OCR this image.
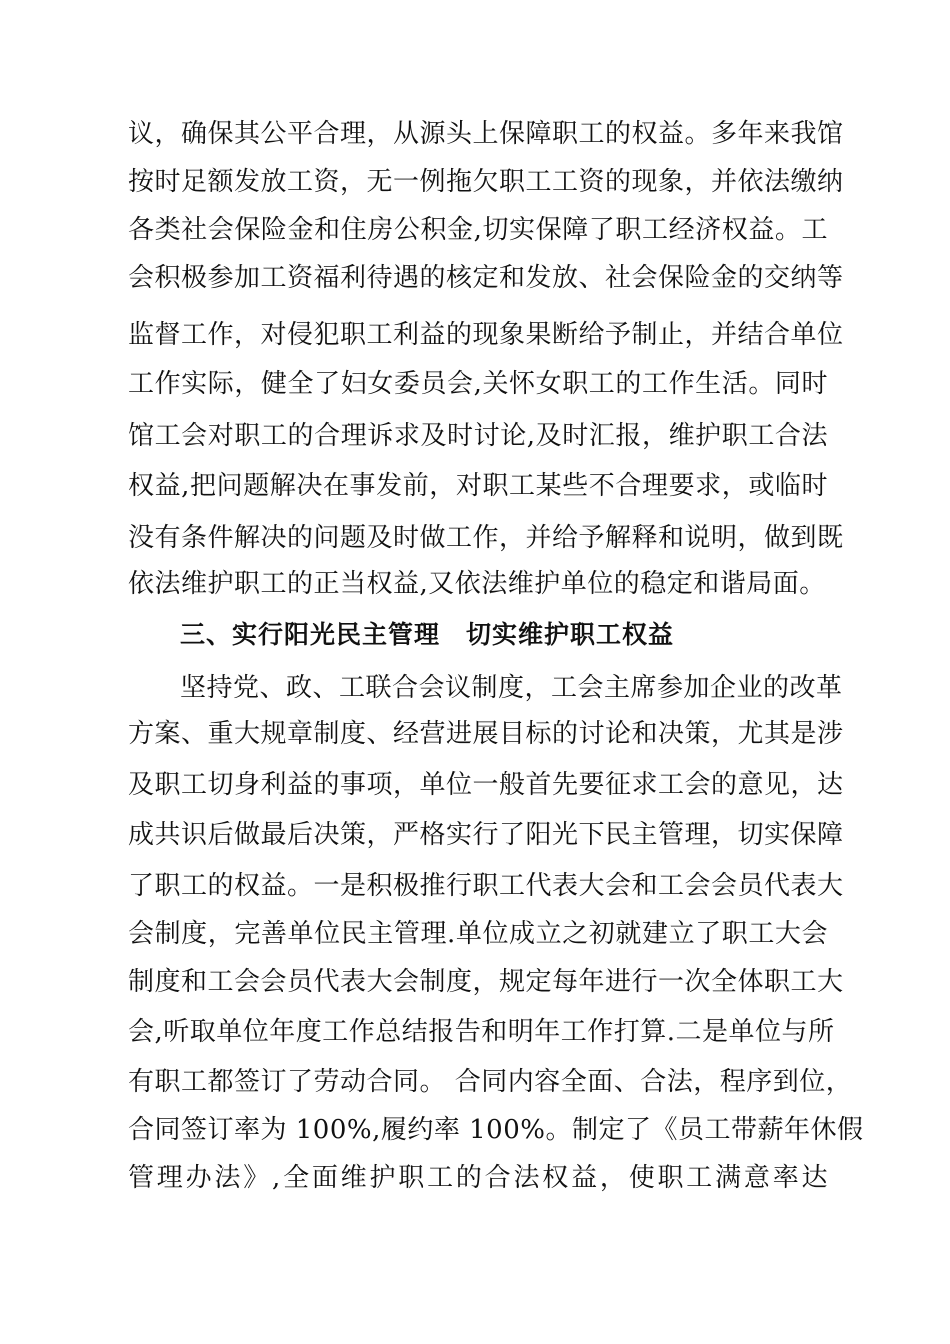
议，确保其公平合理，从源头上保障职工的权益。多年来我馆
按时足额发放工资，无一例拖欠职工工资的现象，并依法缴纳
各类社会保险金和住房公积金,切实保障了职工经济权益。工
会积极参加工资福利待遇的核定和发放、社会保险金的交纳等
监督工作，对侵犯职工利益的现象果断给予制止，并结合单位
工作实际，健全了妇女委员会,关怀女职工的工作生活。同时
馆工会对职工的合理诉求及时讨论,及时汇报，维护职工合法
权益,把问题解决在事发前，对职工某些不合理要求，或临时
没有条件解决的问题及时做工作，并给予解释和说明，做到既
依法维护职工的正当权益,又依法维护单位的稳定和谐局面。
三、实行阳光民主管理　切实维护职工权益
坚持党、政、工联合会议制度，工会主席参加企业的改革
方案、重大规章制度、经营进展目标的讨论和决策，尤其是涉
及职工切身利益的事项，单位一般首先要征求工会的意见，达
成共识后做最后决策，严格实行了阳光下民主管理，切实保障
了职工的权益。一是积极推行职工代表大会和工会会员代表大
会制度，完善单位民主管理.单位成立之初就建立了职工大会
制度和工会会员代表大会制度，规定每年进行一次全体职工大
会,听取单位年度工作总结报告和明年工作打算.二是单位与所
有职工都签订了劳动合同。 合同内容全面、合法，程序到位，
合同签订率为 100%,履约率 100%。制定了《员工带薪年休假
管理办法》,全面维护职工的合法权益，使职工满意率达
